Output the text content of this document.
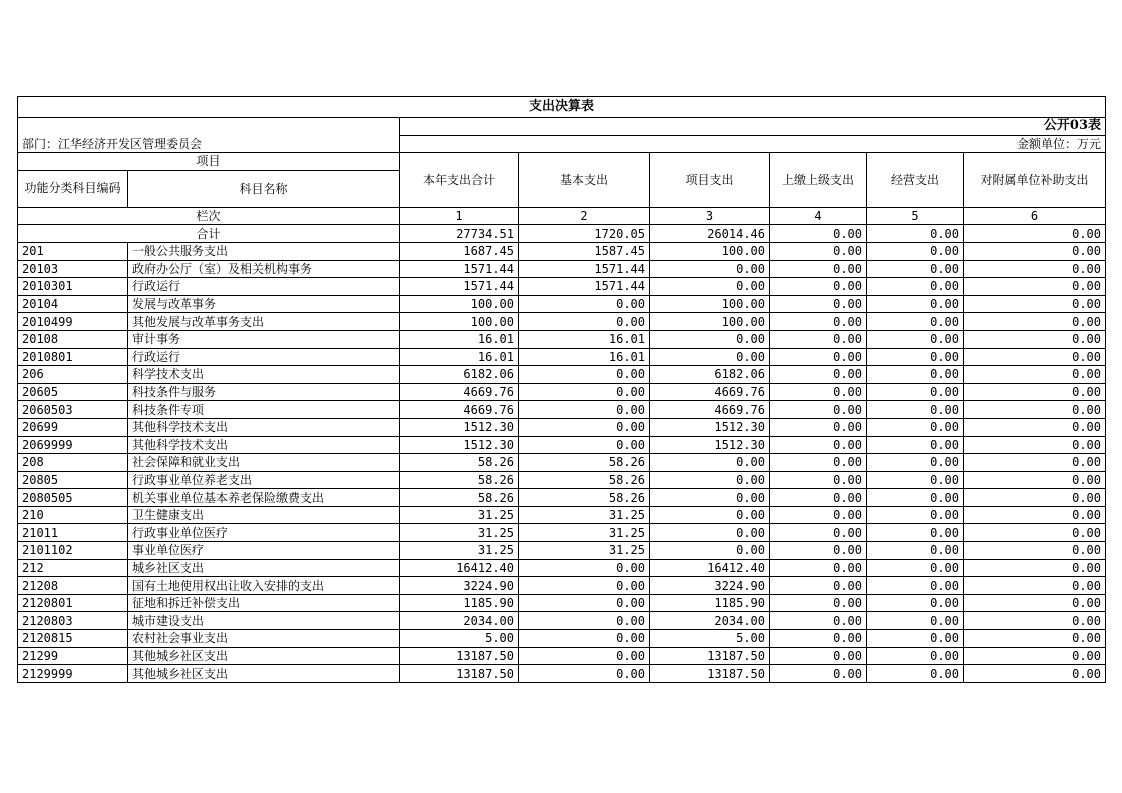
支出决算表							
		公开03表					
部门：江华经济开发区管理委员会		金额单位：万元					
项目		本年支出合计	基本支出	项目支出	上缴上级支出	经营支出	对附属单位补助支出
功能分类科目编码	科目名称						
栏次		1	2	3	4	5	6
合计		27734.51	1720.05	26014.46	0.00	0.00	0.00
201	一般公共服务支出	1687.45	1587.45	100.00	0.00	0.00	0.00
20103	政府办公厅（室）及相关机构事务	1571.44	1571.44	0.00	0.00	0.00	0.00
2010301	行政运行	1571.44	1571.44	0.00	0.00	0.00	0.00
20104	发展与改革事务	100.00	0.00	100.00	0.00	0.00	0.00
2010499	其他发展与改革事务支出	100.00	0.00	100.00	0.00	0.00	0.00
20108	审计事务	16.01	16.01	0.00	0.00	0.00	0.00
2010801	行政运行	16.01	16.01	0.00	0.00	0.00	0.00
206	科学技术支出	6182.06	0.00	6182.06	0.00	0.00	0.00
20605	科技条件与服务	4669.76	0.00	4669.76	0.00	0.00	0.00
2060503	科技条件专项	4669.76	0.00	4669.76	0.00	0.00	0.00
20699	其他科学技术支出	1512.30	0.00	1512.30	0.00	0.00	0.00
2069999	其他科学技术支出	1512.30	0.00	1512.30	0.00	0.00	0.00
208	社会保障和就业支出	58.26	58.26	0.00	0.00	0.00	0.00
20805	行政事业单位养老支出	58.26	58.26	0.00	0.00	0.00	0.00
2080505	机关事业单位基本养老保险缴费支出	58.26	58.26	0.00	0.00	0.00	0.00
210	卫生健康支出	31.25	31.25	0.00	0.00	0.00	0.00
21011	行政事业单位医疗	31.25	31.25	0.00	0.00	0.00	0.00
2101102	事业单位医疗	31.25	31.25	0.00	0.00	0.00	0.00
212	城乡社区支出	16412.40	0.00	16412.40	0.00	0.00	0.00
21208	国有土地使用权出让收入安排的支出	3224.90	0.00	3224.90	0.00	0.00	0.00
2120801	征地和拆迁补偿支出	1185.90	0.00	1185.90	0.00	0.00	0.00
2120803	城市建设支出	2034.00	0.00	2034.00	0.00	0.00	0.00
2120815	农村社会事业支出	5.00	0.00	5.00	0.00	0.00	0.00
21299	其他城乡社区支出	13187.50	0.00	13187.50	0.00	0.00	0.00
2129999	其他城乡社区支出	13187.50	0.00	13187.50	0.00	0.00	0.00
